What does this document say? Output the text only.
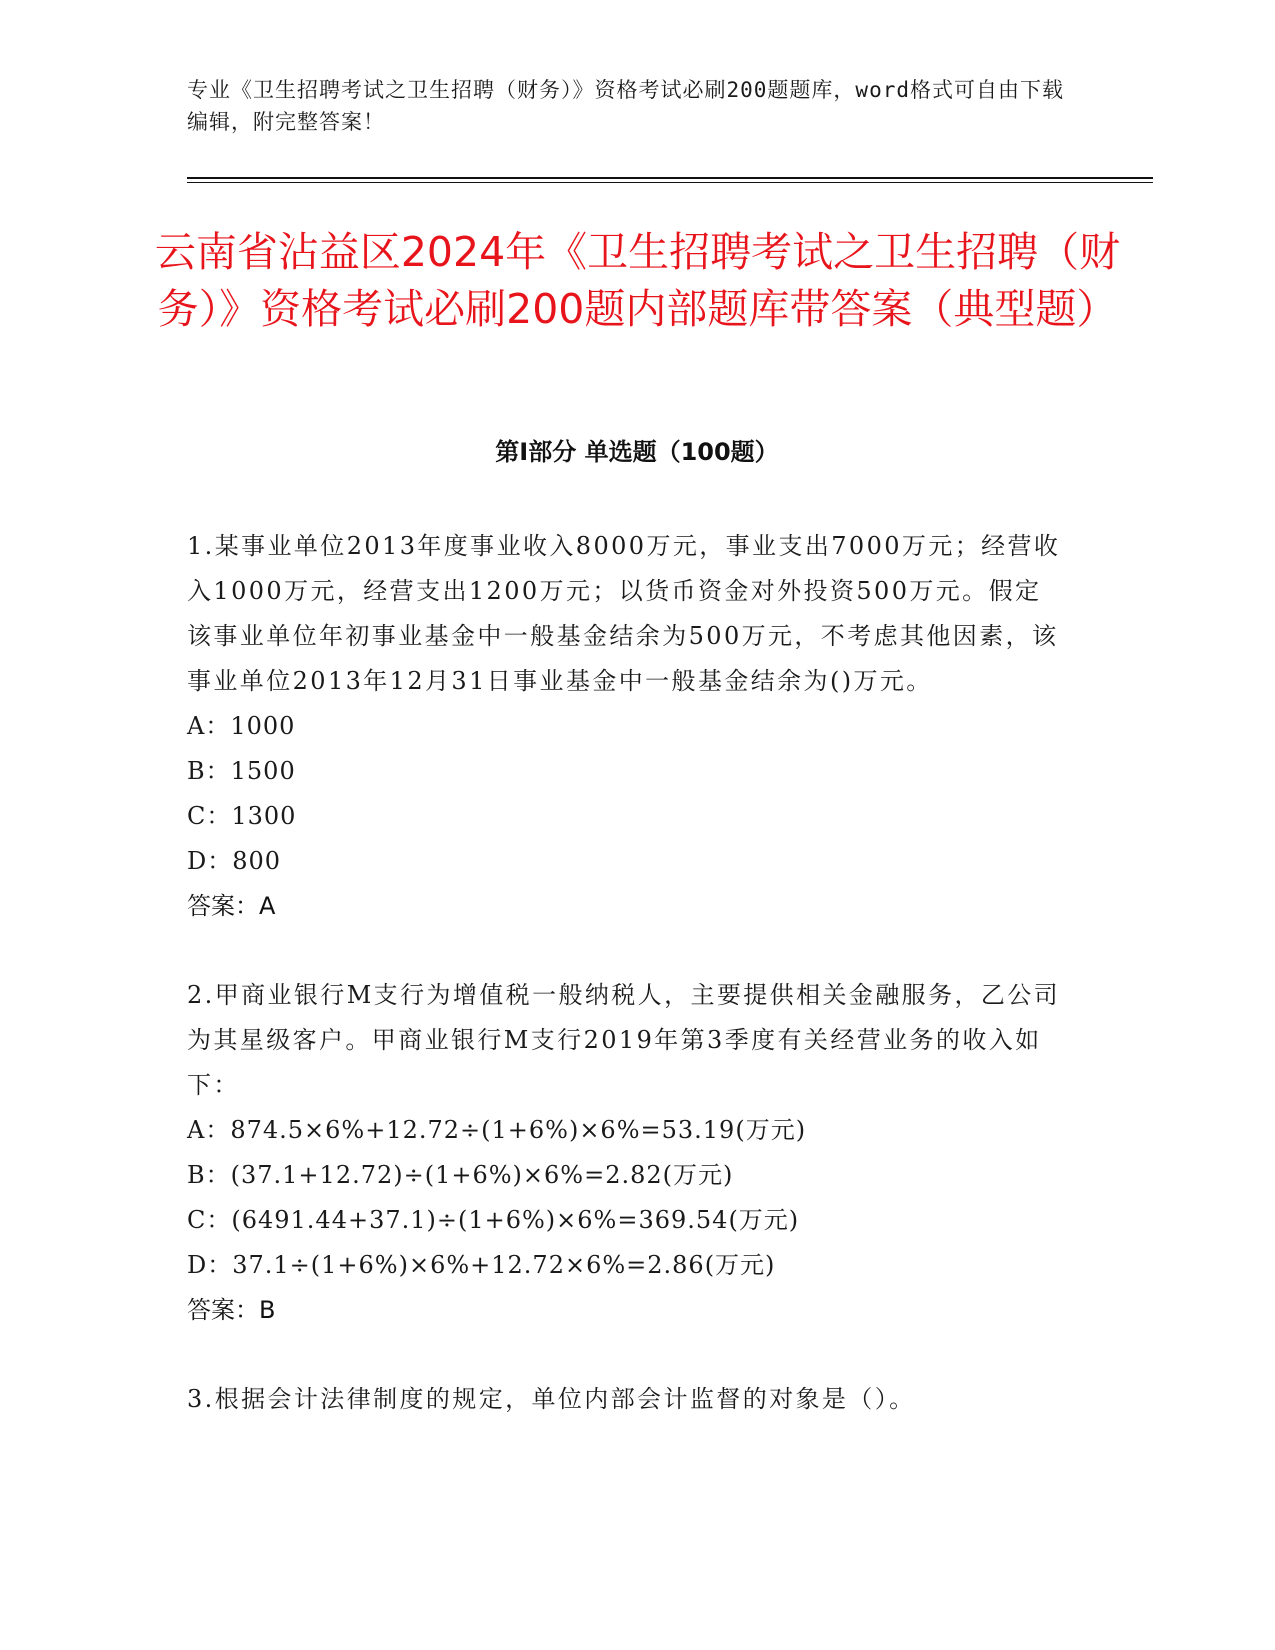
专业《卫生招聘考试之卫生招聘（财务）》资格考试必刷200题题库，word格式可自由下载编辑，附完整答案！
云南省沾益区2024年《卫生招聘考试之卫生招聘（财务）》资格考试必刷200题内部题库带答案（典型题）
第I部分 单选题（100题）

1.某事业单位2013年度事业收入8000万元，事业支出7000万元；经营收入1000万元，经营支出1200万元；以货币资金对外投资500万元。假定该事业单位年初事业基金中一般基金结余为500万元，不考虑其他因素，该事业单位2013年12月31日事业基金中一般基金结余为()万元。

A：1000

B：1500

C：1300

D：800

答案：A

2.甲商业银行M支行为增值税一般纳税人，主要提供相关金融服务，乙公司为其星级客户。甲商业银行M支行2019年第3季度有关经营业务的收入如下：

A：874.5×6%+12.72÷(1+6%)×6%=53.19(万元)

B：(37.1+12.72)÷(1+6%)×6%=2.82(万元)

C：(6491.44+37.1)÷(1+6%)×6%=369.54(万元)

D：37.1÷(1+6%)×6%+12.72×6%=2.86(万元)

答案：B

3.根据会计法律制度的规定，单位内部会计监督的对象是（）。
